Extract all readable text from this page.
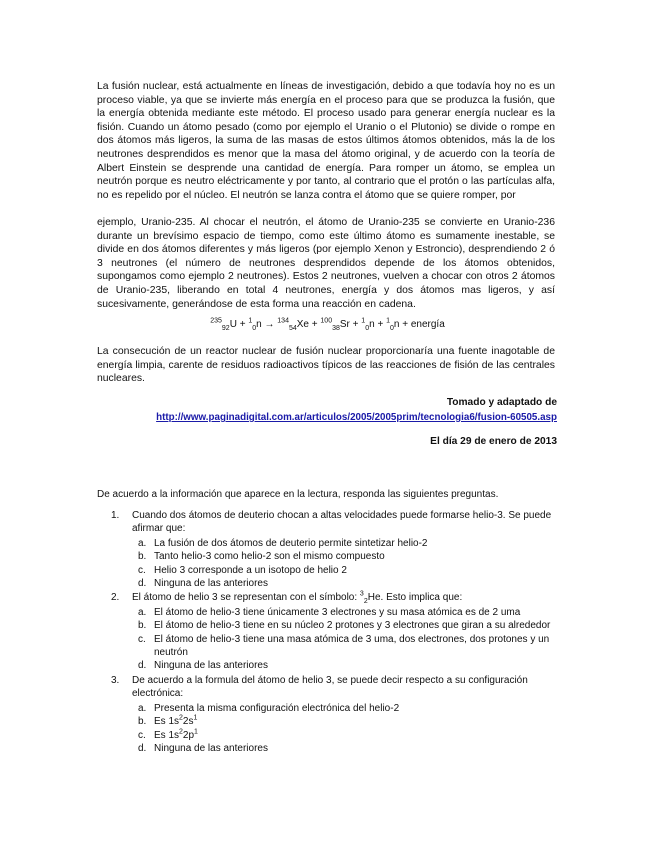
La fusión nuclear, está actualmente en líneas de investigación, debido a que todavía hoy no es un proceso viable, ya que se invierte más energía en el proceso para que se produzca la fusión, que la energía obtenida mediante este método. El proceso usado para generar energía nuclear es la fisión. Cuando un átomo pesado (como por ejemplo el Uranio o el Plutonio) se divide o rompe en dos átomos más ligeros, la suma de las masas de estos últimos átomos obtenidos, más la de los neutrones desprendidos es menor que la masa del átomo original, y de acuerdo con la teoría de Albert Einstein se desprende una cantidad de energía. Para romper un átomo, se emplea un neutrón porque es neutro eléctricamente y por tanto, al contrario que el protón o las partículas alfa, no es repelido por el núcleo. El neutrón se lanza contra el átomo que se quiere romper, por

ejemplo, Uranio-235. Al chocar el neutrón, el átomo de Uranio-235 se convierte en Uranio-236 durante un brevísimo espacio de tiempo, como este último átomo es sumamente inestable, se divide en dos átomos diferentes y más ligeros (por ejemplo Xenon y Estroncio), desprendiendo 2 ó 3 neutrones (el número de neutrones desprendidos depende de los átomos obtenidos, supongamos como ejemplo 2 neutrones). Estos 2 neutrones, vuelven a chocar con otros 2 átomos de Uranio-235, liberando en total 4 neutrones, energía y dos átomos mas ligeros, y así sucesivamente, generándose de esta forma una reacción en cadena.

$^{235}_{92}$U + $^1_0$n → $^{134}_{54}$Xe + $^{100}_{38}$Sr + $^1_0$n + $^1_0$n + energía

La consecución de un reactor nuclear de fusión nuclear proporcionaría una fuente inagotable de energía limpia, carente de residuos radioactivos típicos de las reacciones de fisión de las centrales nucleares.

Tomado y adaptado de
http://www.paginadigital.com.ar/articulos/2005/2005prim/tecnologia6/fusion-60505.asp
El día 29 de enero de 2013
De acuerdo a la información que aparece en la lectura, responda las siguientes preguntas.
1. Cuando dos átomos de deuterio chocan a altas velocidades puede formarse helio-3. Se puede afirmar que:
a. La fusión de dos átomos de deuterio permite sintetizar helio-2
b. Tanto helio-3 como helio-2 son el mismo compuesto
c. Helio 3 corresponde a un isotopo de helio 2
d. Ninguna de las anteriores
2. El átomo de helio 3 se representan con el símbolo: $^3_2$He. Esto implica que:
a. El átomo de helio-3 tiene únicamente 3 electrones y su masa atómica es de 2 uma
b. El átomo de helio-3 tiene en su núcleo 2 protones y 3 electrones que giran a su alrededor
c. El átomo de helio-3 tiene una masa atómica de 3 uma, dos electrones, dos protones y un neutrón
d. Ninguna de las anteriores
3. De acuerdo a la formula del átomo de helio 3, se puede decir respecto a su configuración electrónica:
a. Presenta la misma configuración electrónica del helio-2
b. Es $1s^22s^1$
c. Es $1s^22p^1$
d. Ninguna de las anteriores
